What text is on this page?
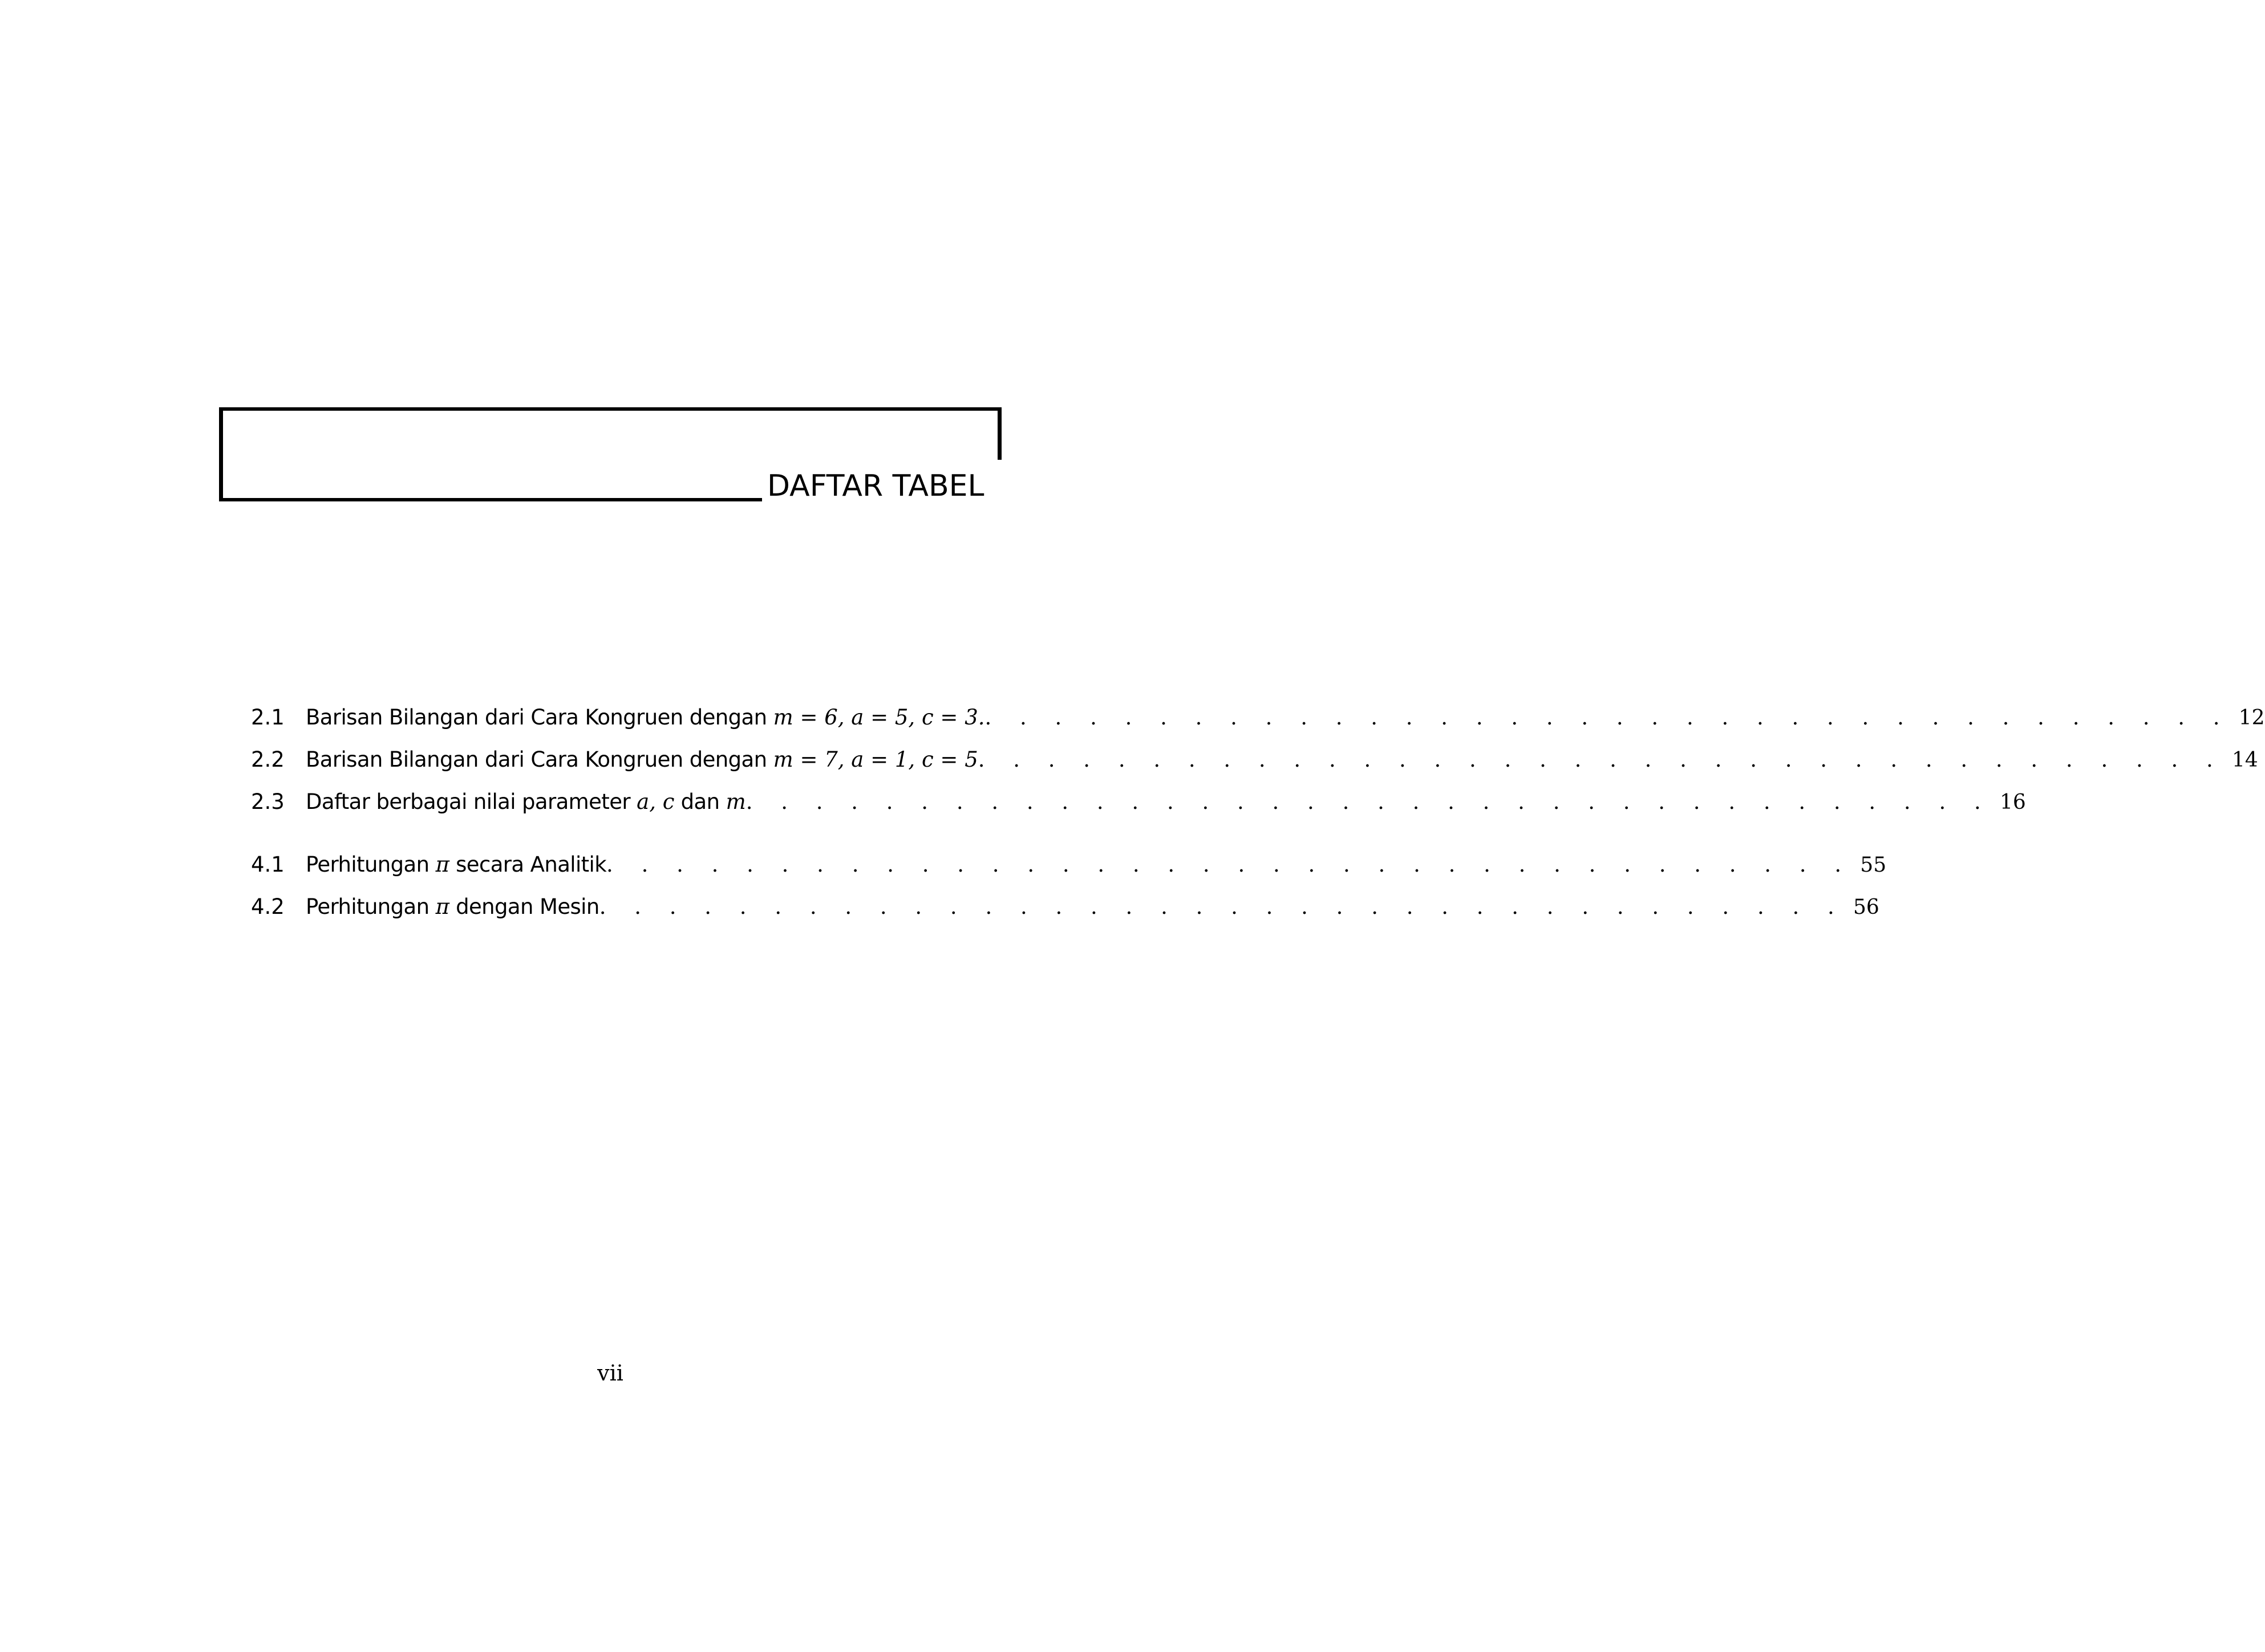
DAFTAR TABEL
2.1	Barisan Bilangan dari Cara Kongruen dengan m = 6, a = 5, c = 3. . . . . . . . . . . . . . . . . . . . . . . . . . . . . . . . . . . . . 12
2.2	Barisan Bilangan dari Cara Kongruen dengan m = 7, a = 1, c = 5 . . . . . . . . . . . . . . . . . . . . . . . . . . . . . . . . . . . . 14
2.3	Daftar berbagai nilai parameter a, c dan m . . . . . . . . . . . . . . . . . . . . . . . . . . . . . . . . . . . . 16
4.1	Perhitungan π secara Analitik . . . . . . . . . . . . . . . . . . . . . . . . . . . . . . . . . . . . 55
4.2	Perhitungan π dengan Mesin . . . . . . . . . . . . . . . . . . . . . . . . . . . . . . . . . . . . 56
vii
